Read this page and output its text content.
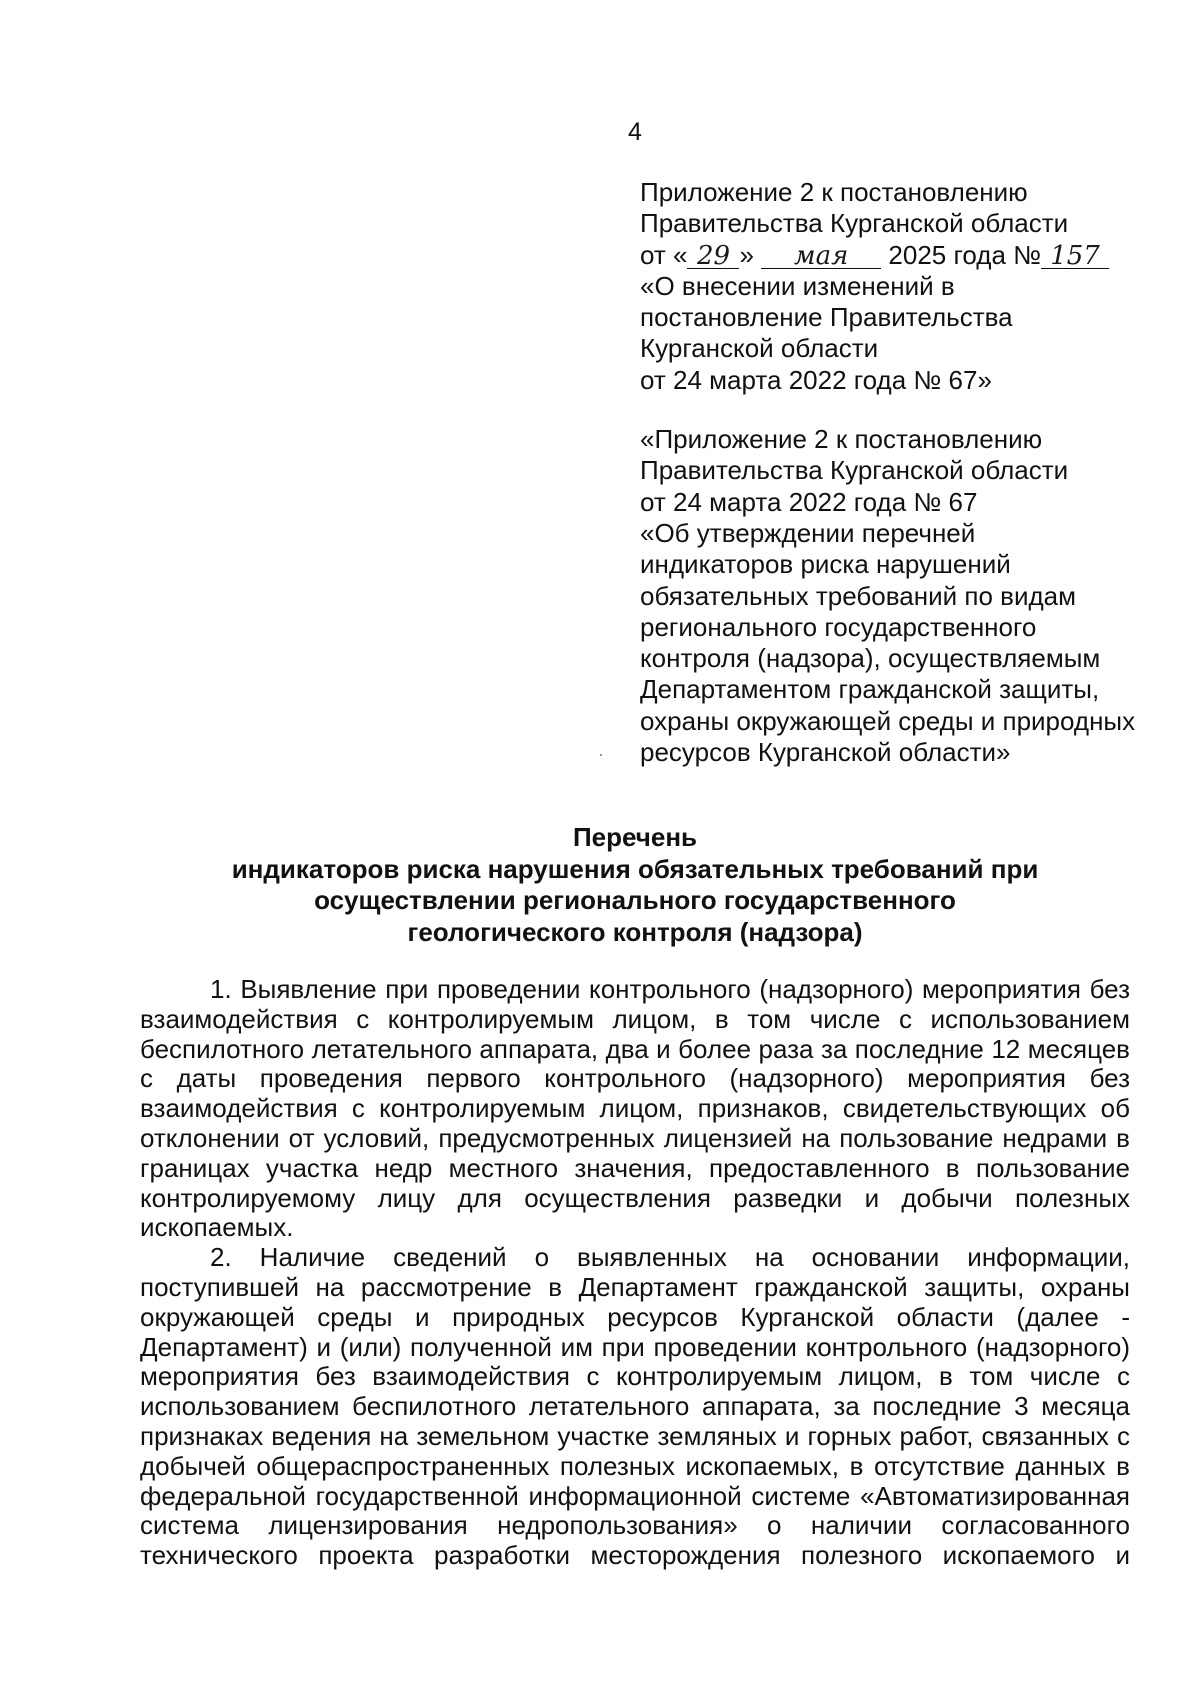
4
Приложение 2 к постановлению
Правительства Курганской области
от « 29 » мая 2025 года № 157
«О внесении изменений в
постановление Правительства
Курганской области
от 24 марта 2022 года № 67»
«Приложение 2 к постановлению
Правительства Курганской области
от 24 марта 2022 года № 67
«Об утверждении перечней
индикаторов риска нарушений
обязательных требований по видам
регионального государственного
контроля (надзора), осуществляемым
Департаментом гражданской защиты,
охраны окружающей среды и природных
ресурсов Курганской области»
Перечень
индикаторов риска нарушения обязательных требований при
осуществлении регионального государственного
геологического контроля (надзора)
1. Выявление при проведении контрольного (надзорного) мероприятия без
взаимодействия с контролируемым лицом, в том числе с использованием
беспилотного летательного аппарата, два и более раза за последние 12 месяцев
с даты проведения первого контрольного (надзорного) мероприятия без
взаимодействия с контролируемым лицом, признаков, свидетельствующих об
отклонении от условий, предусмотренных лицензией на пользование недрами в
границах участка недр местного значения, предоставленного в пользование
контролируемому лицу для осуществления разведки и добычи полезных
ископаемых.
2. Наличие сведений о выявленных на основании информации,
поступившей на рассмотрение в Департамент гражданской защиты, охраны
окружающей среды и природных ресурсов Курганской области (далее -
Департамент) и (или) полученной им при проведении контрольного (надзорного)
мероприятия без взаимодействия с контролируемым лицом, в том числе с
использованием беспилотного летательного аппарата, за последние 3 месяца
признаках ведения на земельном участке земляных и горных работ, связанных с
добычей общераспространенных полезных ископаемых, в отсутствие данных в
федеральной государственной информационной системе «Автоматизированная
система лицензирования недропользования» о наличии согласованного
технического проекта разработки месторождения полезного ископаемого и
